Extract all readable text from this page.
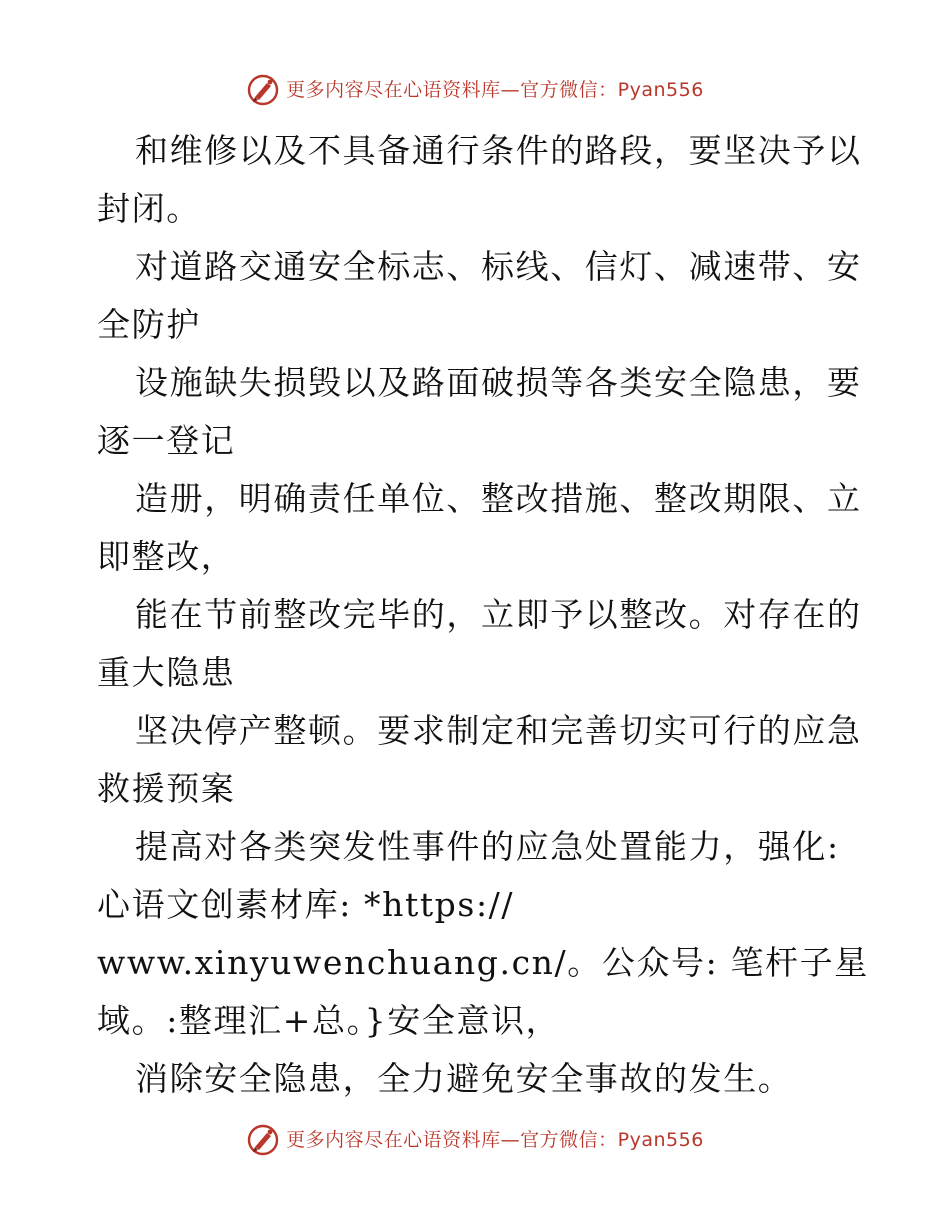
更多内容尽在心语资料库—官方微信：Pyan556
和维修以及不具备通行条件的路段，要坚决予以
封闭。
对道路交通安全标志、标线、信灯、减速带、安
全防护
设施缺失损毁以及路面破损等各类安全隐患，要
逐一登记
造册，明确责任单位、整改措施、整改期限、立
即整改，
能在节前整改完毕的，立即予以整改。对存在的
重大隐患
坚决停产整顿。要求制定和完善切实可行的应急
救援预案
提高对各类突发性事件的应急处置能力，强化:
心语文创素材库: *https://
www.xinyuwenchuang.cn/。公众号: 笔杆子星
域。:整理汇+总。}安全意识，
消除安全隐患，全力避免安全事故的发生。
更多内容尽在心语资料库—官方微信：Pyan556
